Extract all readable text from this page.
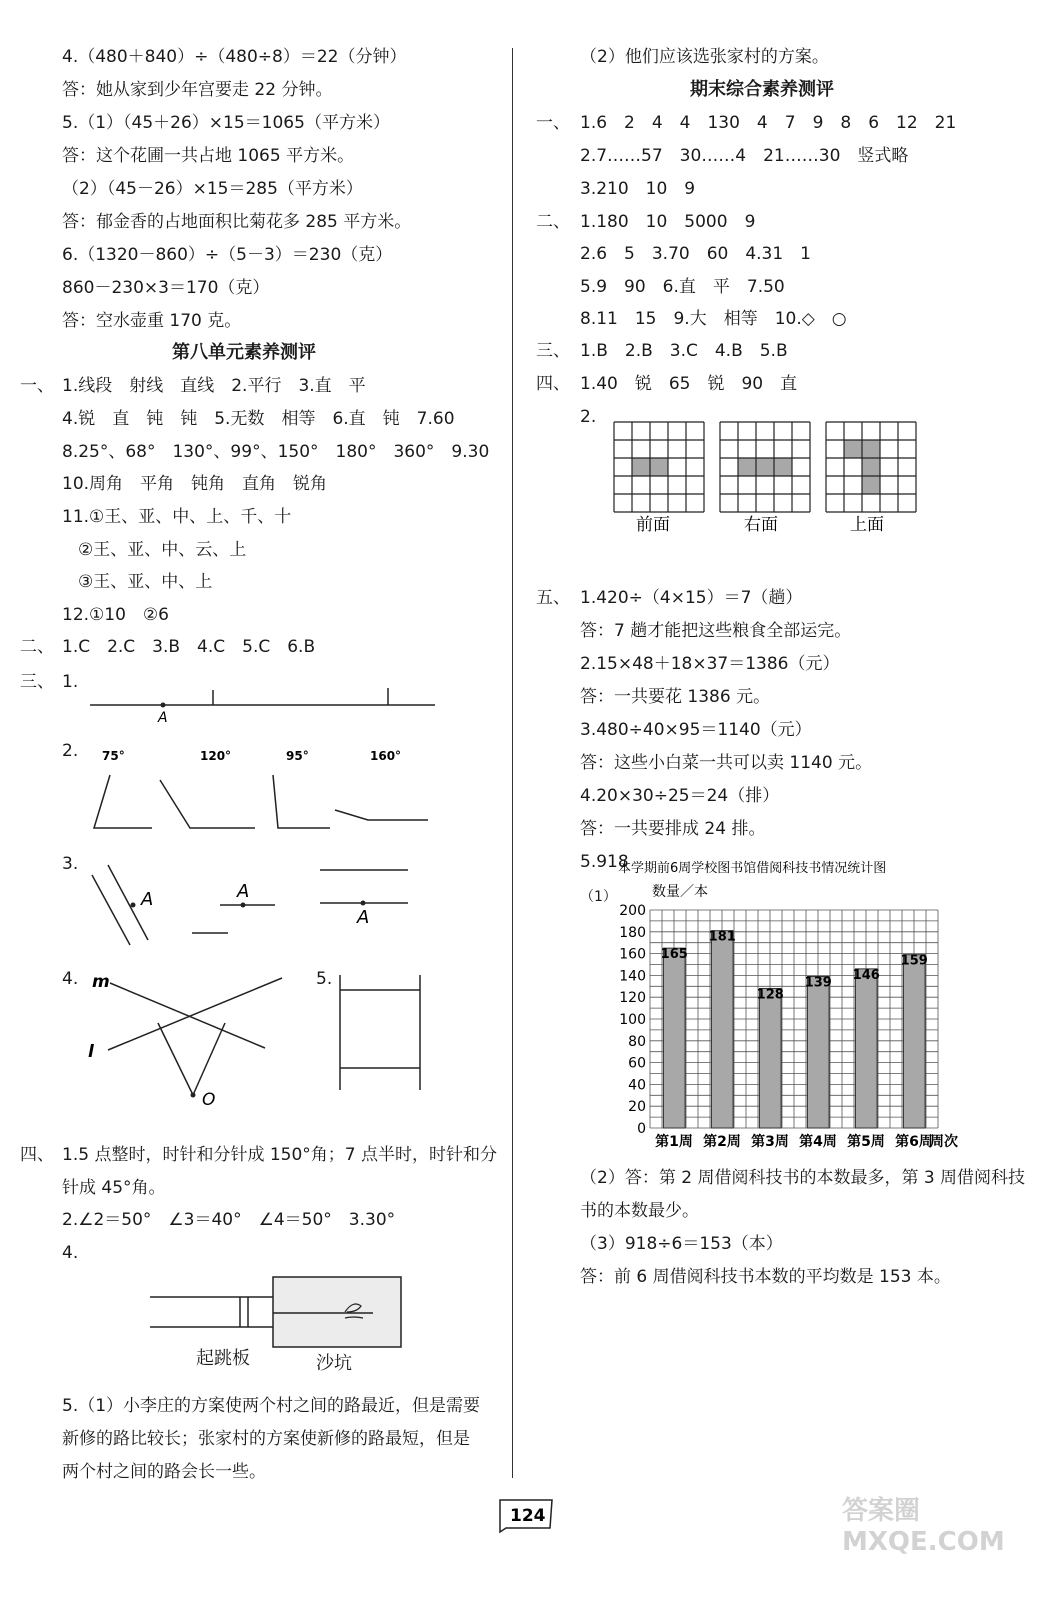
4.（480＋840）÷（480÷8）＝22（分钟）
答：她从家到少年宫要走 22 分钟。
5.（1）（45＋26）×15＝1065（平方米）
答：这个花圃一共占地 1065 平方米。
（2）（45－26）×15＝285（平方米）
答：郁金香的占地面积比菊花多 285 平方米。
6.（1320－860）÷（5－3）＝230（克）
860－230×3＝170（克）
答：空水壶重 170 克。
第八单元素养测评
一、 1.线段　射线　直线　2.平行　3.直　平
4.锐　直　钝　钝　5.无数　相等　6.直　钝　7.60
8.25°、68°　130°、99°、150°　180°　360°　9.30
10.周角　平角　钝角　直角　锐角
11.①王、亚、中、上、千、十
②王、亚、中、云、上
③王、亚、中、上
12.①10　②6
二、 1.C　2.C　3.B　4.C　5.C　6.B
三、 1.
A
2. 75°	120°	95°	160°
3.
A	A
A
4. m
l
O
5.
四、 1.5 点整时，时针和分针成 150°角；7 点半时，时针和分
针成 45°角。
2.∠2＝50°　∠3＝40°　∠4＝50°　3.30°
4.
起跳板	沙坑
5.（1）小李庄的方案使两个村之间的路最近，但是需要
新修的路比较长；张家村的方案使新修的路最短，但是
两个村之间的路会长一些。
（2）他们应该选张家村的方案。
期末综合素养测评
一、 1.6　2　4　4　130　4　7　9　8　6　12　21
2.7……57　30……4　21……30　竖式略
3.210　10　9
二、 1.180　10　5000　9
2.6　5　3.70　60　4.31　1
5.9　90　6.直　平　7.50
8.11　15　9.大　相等　10.◇　○
三、 1.B　2.B　3.C　4.B　5.B
四、 1.40　锐　65　锐　90　直
2.
前面	右面	上面
五、 1.420÷（4×15）＝7（趟）
答：7 趟才能把这些粮食全部运完。
2.15×48＋18×37＝1386（元）
答：一共要花 1386 元。
3.480÷40×95＝1140（元）
答：这些小白菜一共可以卖 1140 元。
4.20×30÷25＝24（排）
答：一共要排成 24 排。
5.918
（1）
本学期前6周学校图书馆借阅科技书情况统计图
数量／本
周次
0
20
40
60
80
100
120
140
160
180
200
165
第1周
181
第2周
128
第3周
139
第4周
146
第5周
159
第6周
（2）答：第 2 周借阅科技书的本数最多，第 3 周借阅科技
书的本数最少。
（3）918÷6＝153（本）
答：前 6 周借阅科技书本数的平均数是 153 本。
124	答案圈 MXQE.COM
